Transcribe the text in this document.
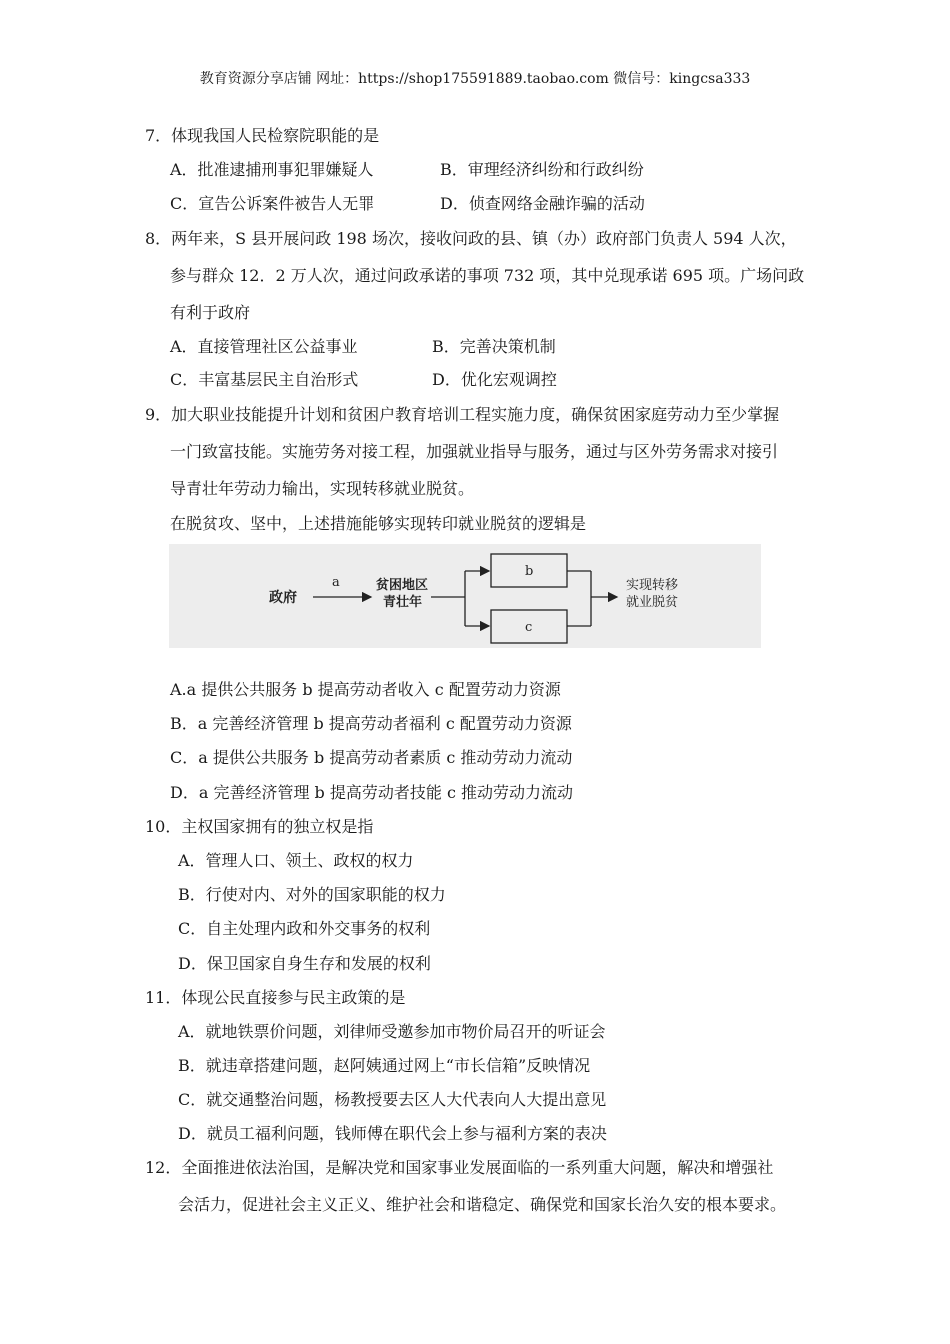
教育资源分享店铺 网址：https://shop175591889.taobao.com 微信号：kingcsa333
7．体现我国人民检察院职能的是
A．批准逮捕刑事犯罪嫌疑人	B．审理经济纠纷和行政纠纷
C．宣告公诉案件被告人无罪	D．侦查网络金融诈骗的活动
8．两年来，S 县开展问政 198 场次，接收问政的县、镇（办）政府部门负责人 594 人次，
参与群众 12．2 万人次，通过问政承诺的事项 732 项，其中兑现承诺 695 项。广场问政
有利于政府
A．直接管理社区公益事业	B．完善决策机制
C．丰富基层民主自治形式	D．优化宏观调控
9．加大职业技能提升计划和贫困户教育培训工程实施力度，确保贫困家庭劳动力至少掌握
一门致富技能。实施劳务对接工程，加强就业指导与服务，通过与区外劳务需求对接引
导青壮年劳动力输出，实现转移就业脱贫。
在脱贫攻、坚中，上述措施能够实现转印就业脱贫的逻辑是
政府
a	贫困地区
青壮年
b
c
实现转移
就业脱贫
A.a 提供公共服务 b 提高劳动者收入 c 配置劳动力资源
B．a 完善经济管理 b 提高劳动者福利 c 配置劳动力资源
C．a 提供公共服务 b 提高劳动者素质 c 推动劳动力流动
D．a 完善经济管理 b 提高劳动者技能 c 推动劳动力流动
10．主权国家拥有的独立权是指
A．管理人口、领土、政权的权力
B．行使对内、对外的国家职能的权力
C．自主处理内政和外交事务的权利
D．保卫国家自身生存和发展的权利
11．体现公民直接参与民主政策的是
A．就地铁票价问题，刘律师受邀参加市物价局召开的听证会
B．就违章搭建问题，赵阿姨通过网上“市长信箱”反映情况
C．就交通整治问题，杨教授要去区人大代表向人大提出意见
D．就员工福利问题，钱师傅在职代会上参与福利方案的表决
12．全面推进依法治国，是解决党和国家事业发展面临的一系列重大问题，解决和增强社
会活力，促进社会主义正义、维护社会和谐稳定、确保党和国家长治久安的根本要求。
